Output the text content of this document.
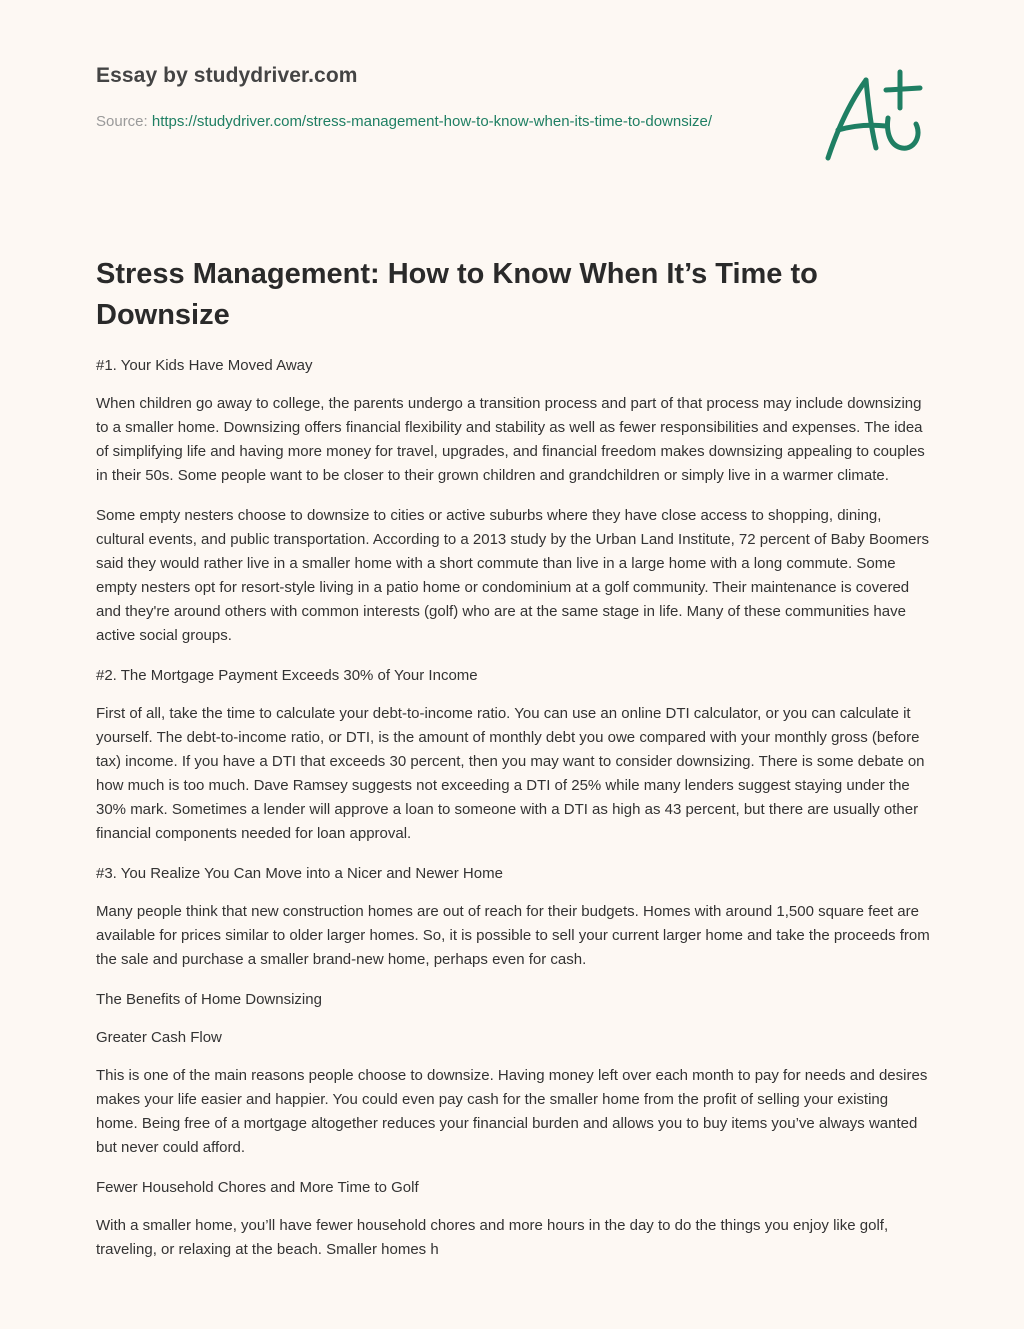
Essay by studydriver.com
Source: https://studydriver.com/stress-management-how-to-know-when-its-time-to-downsize/
Stress Management: How to Know When It’s Time to Downsize

#1. Your Kids Have Moved Away

When children go away to college, the parents undergo a transition process and part of that process may include downsizing to a smaller home. Downsizing offers financial flexibility and stability as well as fewer responsibilities and expenses. The idea of simplifying life and having more money for travel, upgrades, and financial freedom makes downsizing appealing to couples in their 50s. Some people want to be closer to their grown children and grandchildren or simply live in a warmer climate.

Some empty nesters choose to downsize to cities or active suburbs where they have close access to shopping, dining, cultural events, and public transportation. According to a 2013 study by the Urban Land Institute, 72 percent of Baby Boomers said they would rather live in a smaller home with a short commute than live in a large home with a long commute. Some empty nesters opt for resort-style living in a patio home or condominium at a golf community. Their maintenance is covered and they're around others with common interests (golf) who are at the same stage in life. Many of these communities have active social groups.

#2. The Mortgage Payment Exceeds 30% of Your Income

First of all, take the time to calculate your debt-to-income ratio. You can use an online DTI calculator, or you can calculate it yourself. The debt-to-income ratio, or DTI, is the amount of monthly debt you owe compared with your monthly gross (before tax) income. If you have a DTI that exceeds 30 percent, then you may want to consider downsizing. There is some debate on how much is too much. Dave Ramsey suggests not exceeding a DTI of 25% while many lenders suggest staying under the 30% mark. Sometimes a lender will approve a loan to someone with a DTI as high as 43 percent, but there are usually other financial components needed for loan approval.

#3. You Realize You Can Move into a Nicer and Newer Home

Many people think that new construction homes are out of reach for their budgets. Homes with around 1,500 square feet are available for prices similar to older larger homes. So, it is possible to sell your current larger home and take the proceeds from the sale and purchase a smaller brand-new home, perhaps even for cash.

The Benefits of Home Downsizing

Greater Cash Flow

This is one of the main reasons people choose to downsize. Having money left over each month to pay for needs and desires makes your life easier and happier. You could even pay cash for the smaller home from the profit of selling your existing home. Being free of a mortgage altogether reduces your financial burden and allows you to buy items you’ve always wanted but never could afford.

Fewer Household Chores and More Time to Golf

With a smaller home, you’ll have fewer household chores and more hours in the day to do the things you enjoy like golf, traveling, or relaxing at the beach. Smaller homes h
